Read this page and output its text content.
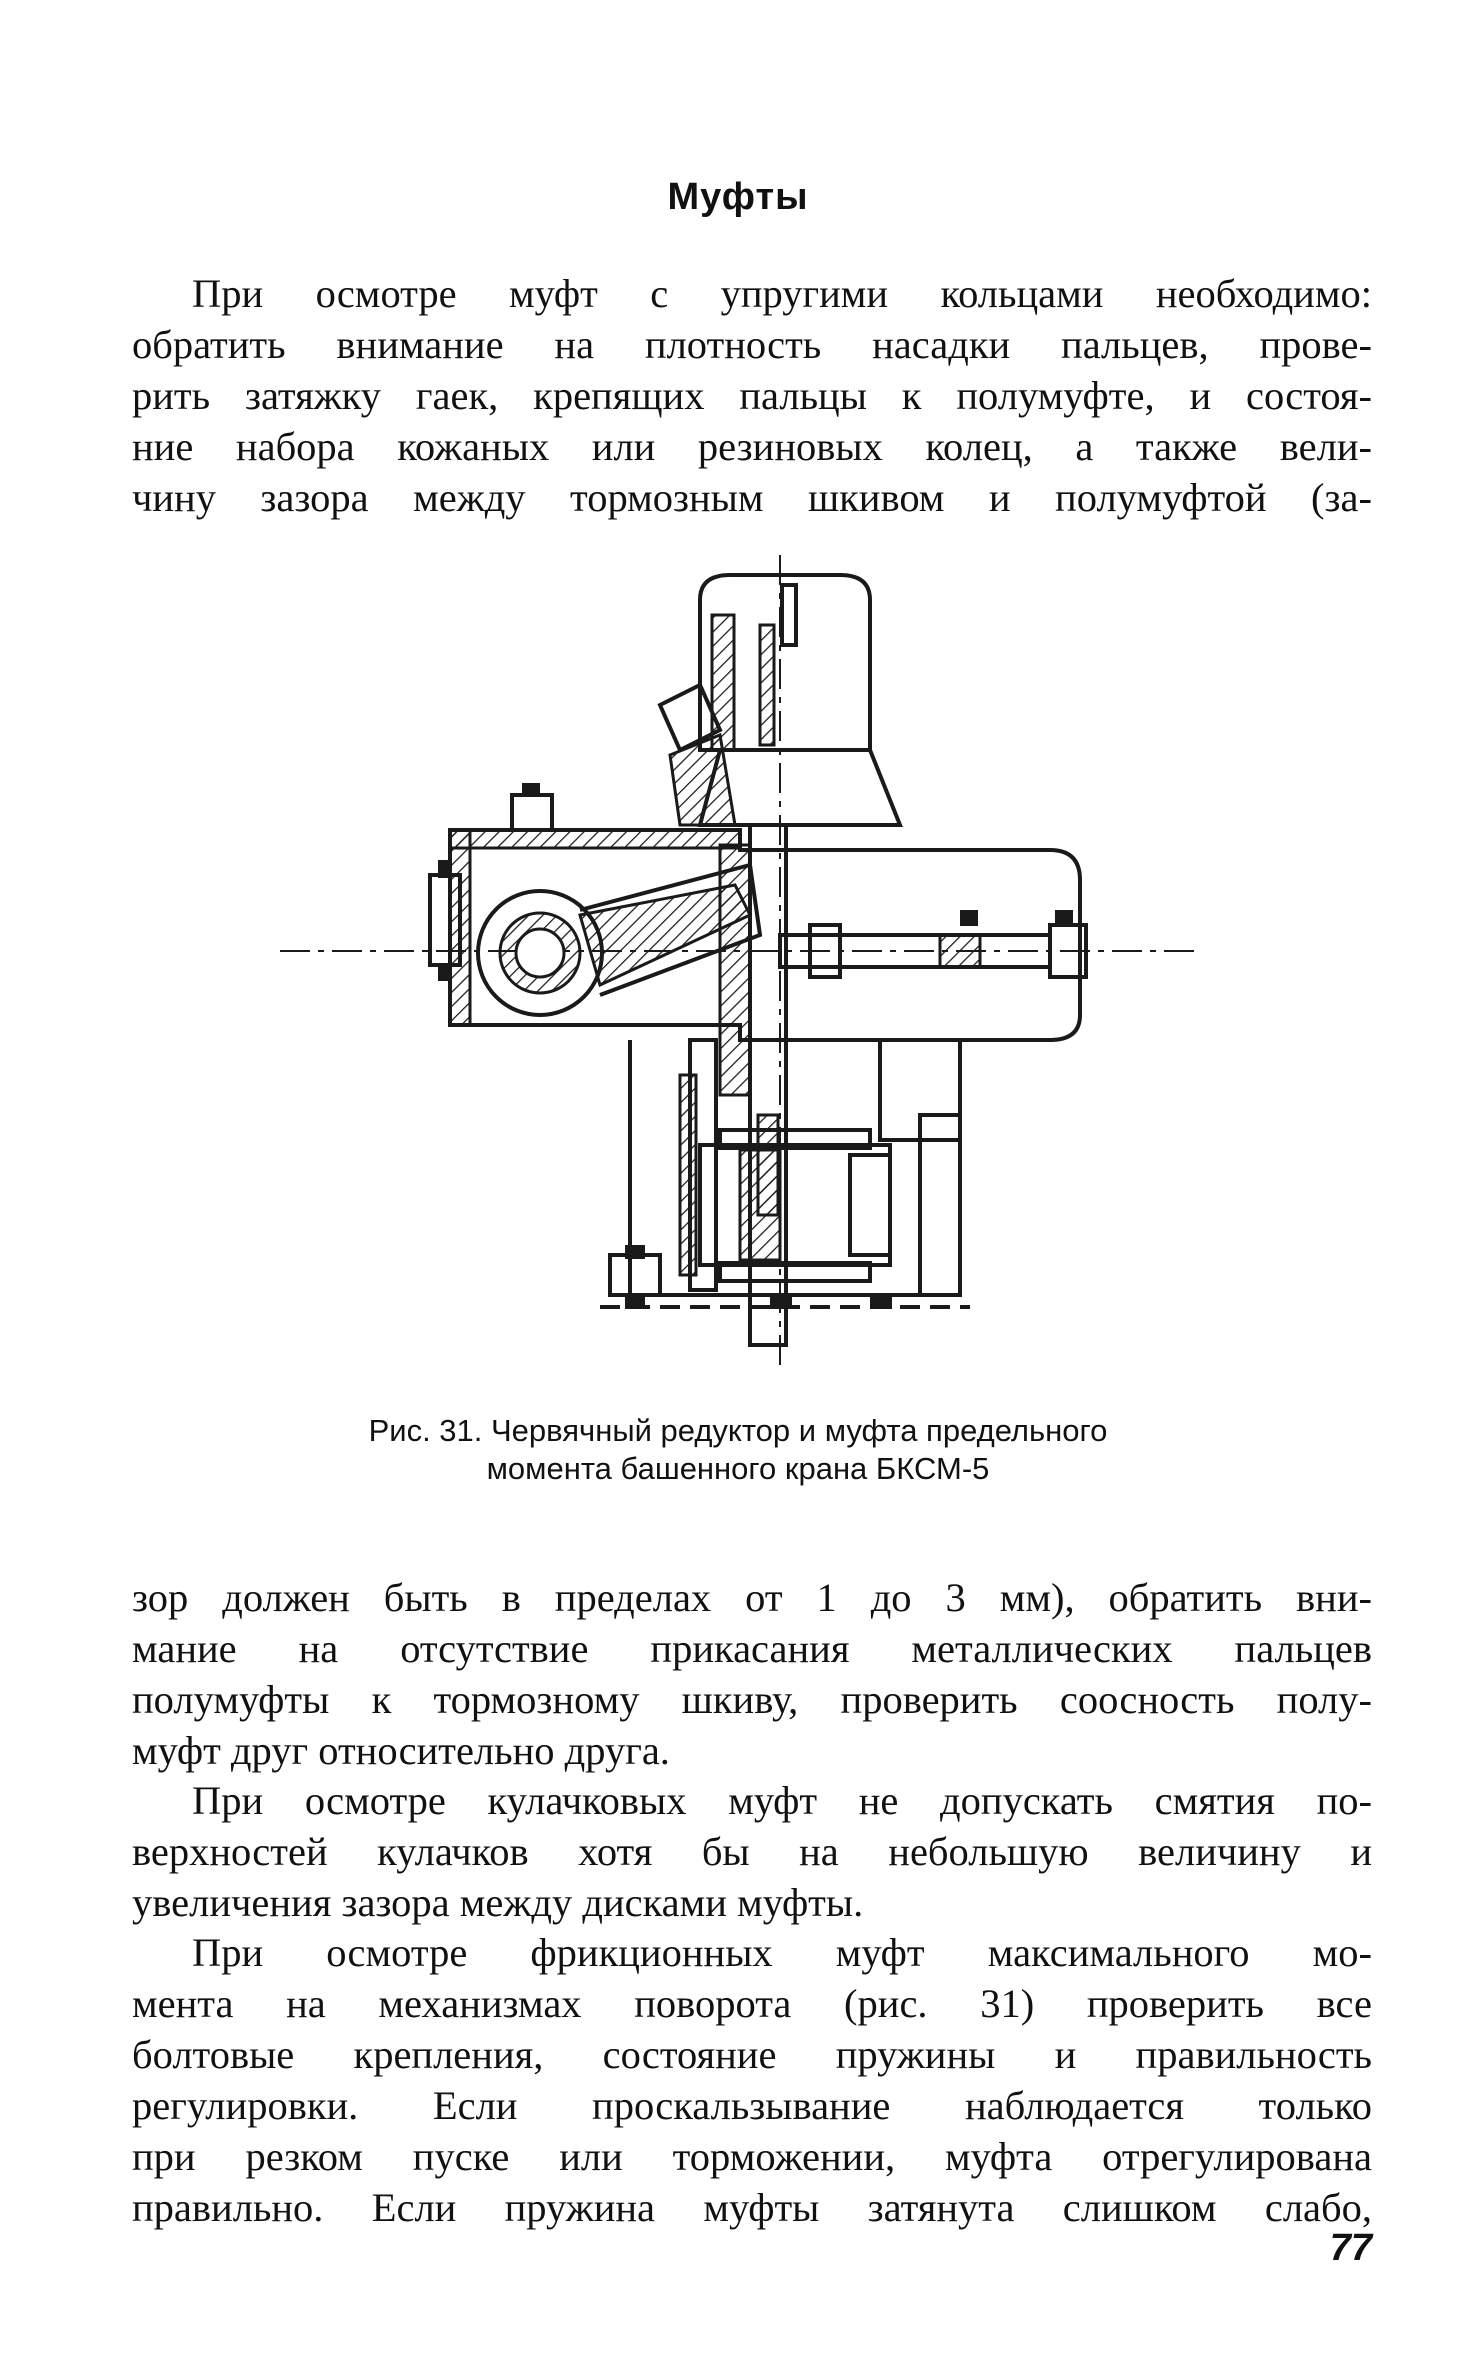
Муфты
При осмотре муфт с упругими кольцами необходимо:
обратить внимание на плотность насадки пальцев, прове-
рить затяжку гаек, крепящих пальцы к полумуфте, и состоя-
ние набора кожаных или резиновых колец, а также вели-
чину зазора между тормозным шкивом и полумуфтой (за-
Рис. 31. Червячный редуктор и муфта предельного
момента башенного крана БКСМ-5
зор должен быть в пределах от 1 до 3 мм), обратить вни-
мание на отсутствие прикасания металлических пальцев
полумуфты к тормозному шкиву, проверить соосность полу-
муфт друг относительно друга.
При осмотре кулачковых муфт не допускать смятия по-
верхностей кулачков хотя бы на небольшую величину и
увеличения зазора между дисками муфты.
При осмотре фрикционных муфт максимального мо-
мента на механизмах поворота (рис. 31) проверить все
болтовые крепления, состояние пружины и правильность
регулировки. Если проскальзывание наблюдается только
при резком пуске или торможении, муфта отрегулирована
правильно. Если пружина муфты затянута слишком слабо,
77
